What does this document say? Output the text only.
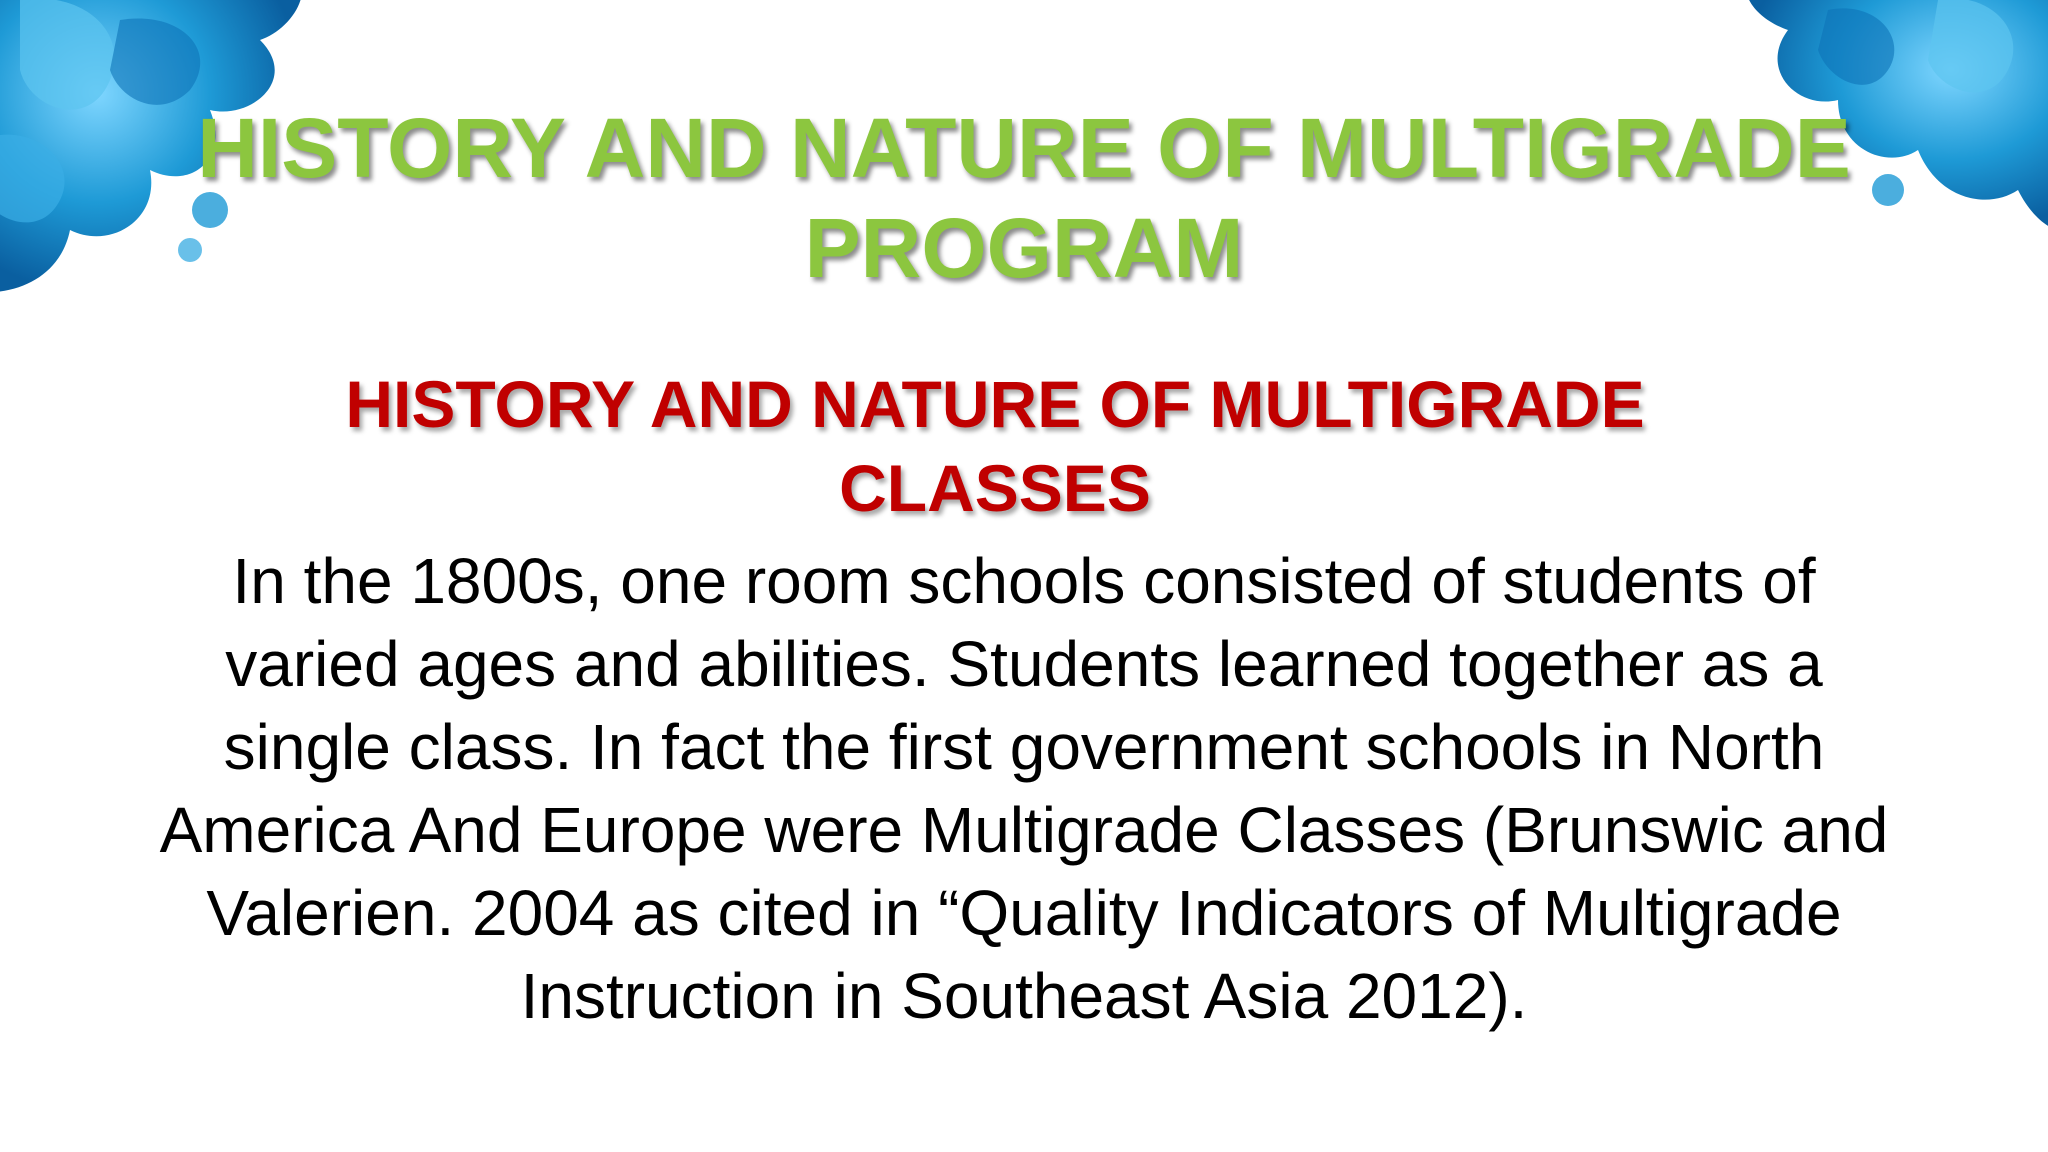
HISTORY AND NATURE OF MULTIGRADE
PROGRAM
HISTORY AND NATURE OF MULTIGRADE
CLASSES

In the 1800s, one room schools consisted of students of
varied ages and abilities. Students learned together as a
single class. In fact the first government schools in North
America And Europe were Multigrade Classes (Brunswic and
Valerien. 2004 as cited in “Quality Indicators of Multigrade
Instruction in Southeast Asia 2012).
